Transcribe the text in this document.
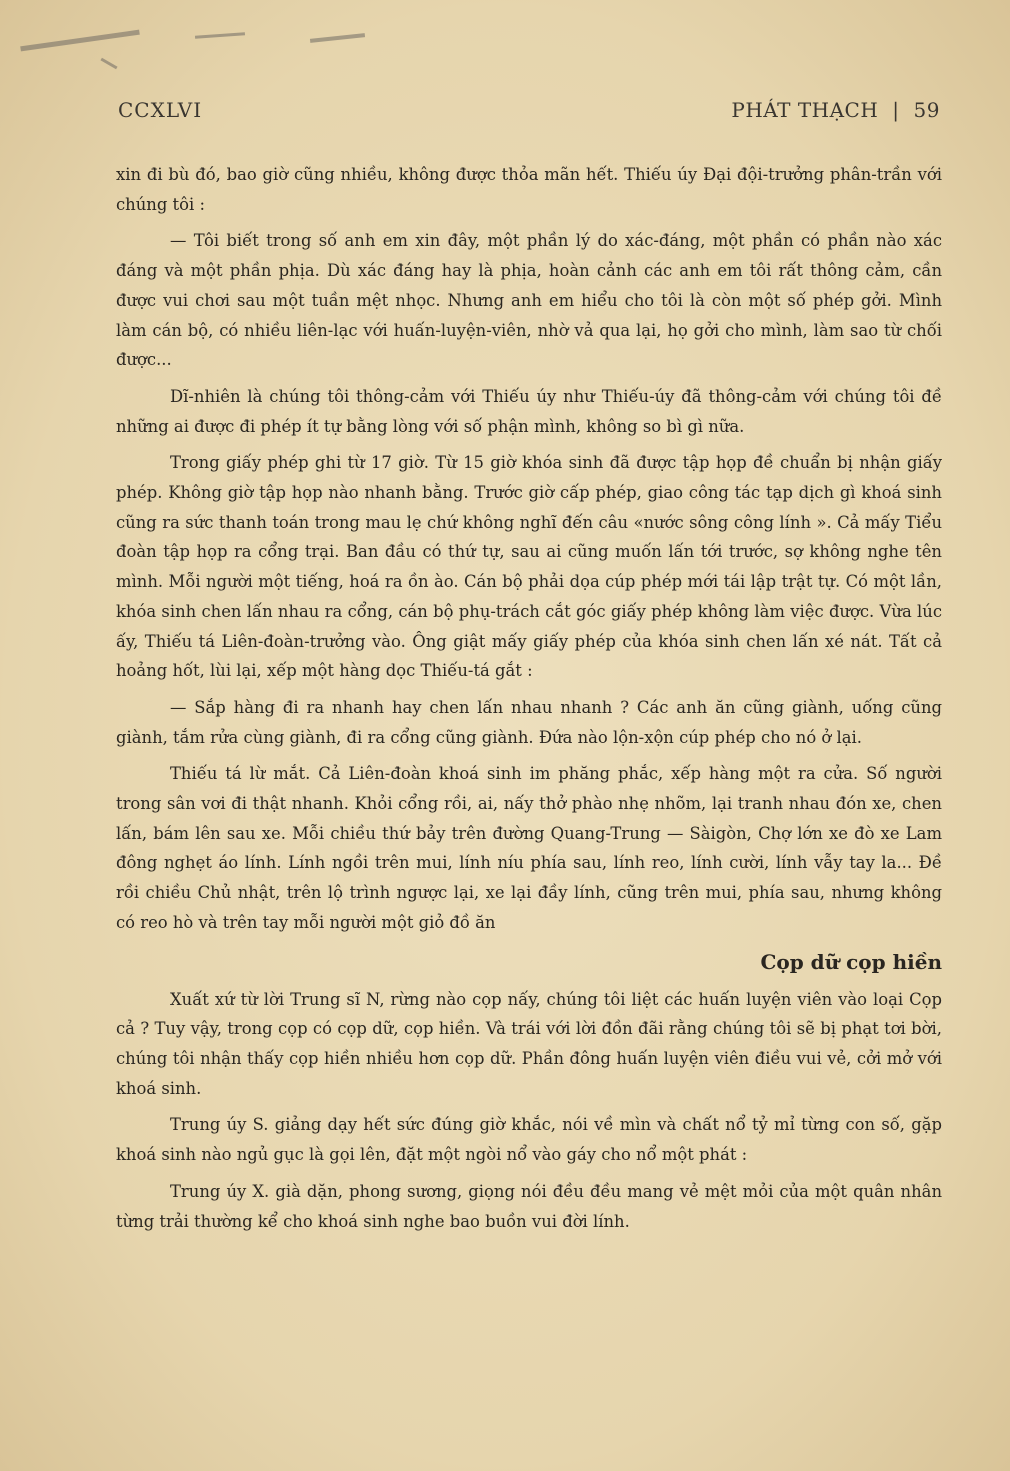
CCXLVI	PHÁT THẠCH | 59

xin đi bù đó, bao giờ cũng nhiều, không được thỏa mãn hết. Thiếu úy Đại đội-trưởng phân-trần với chúng tôi :

— Tôi biết trong số anh em xin đây, một phần lý do xác-đáng, một phần có phần nào xác đáng và một phần phịa. Dù xác đáng hay là phịa, hoàn cảnh các anh em tôi rất thông cảm, cần được vui chơi sau một tuần mệt nhọc. Nhưng anh em hiểu cho tôi là còn một số phép gởi. Mình làm cán bộ, có nhiều liên-lạc với huấn-luyện-viên, nhờ vả qua lại, họ gởi cho mình, làm sao từ chối được...

Dĩ-nhiên là chúng tôi thông-cảm với Thiếu úy như Thiếu-úy đã thông-cảm với chúng tôi đề những ai được đi phép ít tự bằng lòng với số phận mình, không so bì gì nữa.

Trong giấy phép ghi từ 17 giờ. Từ 15 giờ khóa sinh đã được tập họp đề chuẩn bị nhận giấy phép. Không giờ tập họp nào nhanh bằng. Trước giờ cấp phép, giao công tác tạp dịch gì khoá sinh cũng ra sức thanh toán trong mau lẹ chứ không nghĩ đến câu «nước sông công lính ». Cả mấy Tiểu đoàn tập họp ra cổng trại. Ban đầu có thứ tự, sau ai cũng muốn lấn tới trước, sợ không nghe tên mình. Mỗi người một tiếng, hoá ra ồn ào. Cán bộ phải dọa cúp phép mới tái lập trật tự. Có một lần, khóa sinh chen lấn nhau ra cổng, cán bộ phụ-trách cắt góc giấy phép không làm việc được. Vừa lúc ấy, Thiếu tá Liên-đoàn-trưởng vào. Ông giật mấy giấy phép của khóa sinh chen lấn xé nát. Tất cả hoảng hốt, lùi lại, xếp một hàng dọc Thiếu-tá gắt :

— Sắp hàng đi ra nhanh hay chen lấn nhau nhanh ? Các anh ăn cũng giành, uống cũng giành, tắm rửa cùng giành, đi ra cổng cũng giành. Đứa nào lộn-xộn cúp phép cho nó ở lại.

Thiếu tá lừ mắt. Cả Liên-đoàn khoá sinh im phăng phắc, xếp hàng một ra cửa. Số người trong sân vơi đi thật nhanh. Khỏi cổng rồi, ai, nấy thở phào nhẹ nhõm, lại tranh nhau đón xe, chen lấn, bám lên sau xe. Mỗi chiều thứ bảy trên đường Quang-Trung — Sàigòn, Chợ lớn xe đò xe Lam đông nghẹt áo lính. Lính ngồi trên mui, lính níu phía sau, lính reo, lính cười, lính vẫy tay la... Đề rồi chiều Chủ nhật, trên lộ trình ngược lại, xe lại đầy lính, cũng trên mui, phía sau, nhưng không có reo hò và trên tay mỗi người một giỏ đồ ăn

Cọp dữ cọp hiền

Xuất xứ từ lời Trung sĩ N, rừng nào cọp nấy, chúng tôi liệt các huấn luyện viên vào loại Cọp cả ? Tuy vậy, trong cọp có cọp dữ, cọp hiền. Và trái với lời đồn đãi rằng chúng tôi sẽ bị phạt tơi bời, chúng tôi nhận thấy cọp hiền nhiều hơn cọp dữ. Phần đông huấn luyện viên điều vui vẻ, cởi mở với khoá sinh.

Trung úy S. giảng dạy hết sức đúng giờ khắc, nói về mìn và chất nổ tỷ mỉ từng con số, gặp khoá sinh nào ngủ gục là gọi lên, đặt một ngòi nổ vào gáy cho nổ một phát :

Trung úy X. già dặn, phong sương, giọng nói đều đều mang vẻ mệt mỏi của một quân nhân từng trải thường kể cho khoá sinh nghe bao buồn vui đời lính.
